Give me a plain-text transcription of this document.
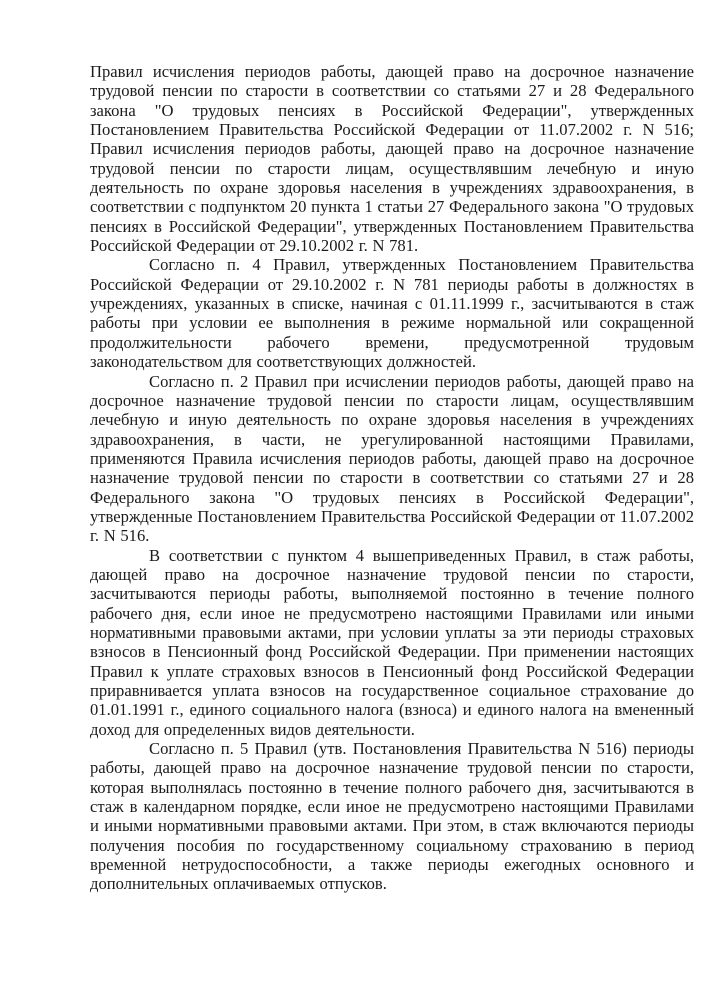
Правил исчисления периодов работы, дающей право на досрочное назначение трудовой пенсии по старости в соответствии со статьями 27 и 28 Федерального закона "О трудовых пенсиях в Российской Федерации", утвержденных Постановлением Правительства Российской Федерации от 11.07.2002 г. N 516; Правил исчисления периодов работы, дающей право на досрочное назначение трудовой пенсии по старости лицам, осуществлявшим лечебную и иную деятельность по охране здоровья населения в учреждениях здравоохранения, в соответствии с подпунктом 20 пункта 1 статьи 27 Федерального закона "О трудовых пенсиях в Российской Федерации", утвержденных Постановлением Правительства Российской Федерации от 29.10.2002 г. N 781.

Согласно п. 4 Правил, утвержденных Постановлением Правительства Российской Федерации от 29.10.2002 г. N 781 периоды работы в должностях в учреждениях, указанных в списке, начиная с 01.11.1999 г., засчитываются в стаж работы при условии ее выполнения в режиме нормальной или сокращенной продолжительности рабочего времени, предусмотренной трудовым законодательством для соответствующих должностей.

Согласно п. 2 Правил при исчислении периодов работы, дающей право на досрочное назначение трудовой пенсии по старости лицам, осуществлявшим лечебную и иную деятельность по охране здоровья населения в учреждениях здравоохранения, в части, не урегулированной настоящими Правилами, применяются Правила исчисления периодов работы, дающей право на досрочное назначение трудовой пенсии по старости в соответствии со статьями 27 и 28 Федерального закона "О трудовых пенсиях в Российской Федерации", утвержденные Постановлением Правительства Российской Федерации от 11.07.2002 г. N 516.

В соответствии с пунктом 4 вышеприведенных Правил, в стаж работы, дающей право на досрочное назначение трудовой пенсии по старости, засчитываются периоды работы, выполняемой постоянно в течение полного рабочего дня, если иное не предусмотрено настоящими Правилами или иными нормативными правовыми актами, при условии уплаты за эти периоды страховых взносов в Пенсионный фонд Российской Федерации. При применении настоящих Правил к уплате страховых взносов в Пенсионный фонд Российской Федерации приравнивается уплата взносов на государственное социальное страхование до 01.01.1991 г., единого социального налога (взноса) и единого налога на вмененный доход для определенных видов деятельности.

Согласно п. 5 Правил (утв. Постановления Правительства N 516) периоды работы, дающей право на досрочное назначение трудовой пенсии по старости, которая выполнялась постоянно в течение полного рабочего дня, засчитываются в стаж в календарном порядке, если иное не предусмотрено настоящими Правилами и иными нормативными правовыми актами. При этом, в стаж включаются периоды получения пособия по государственному социальному страхованию в период временной нетрудоспособности, а также периоды ежегодных основного и дополнительных оплачиваемых отпусков.
